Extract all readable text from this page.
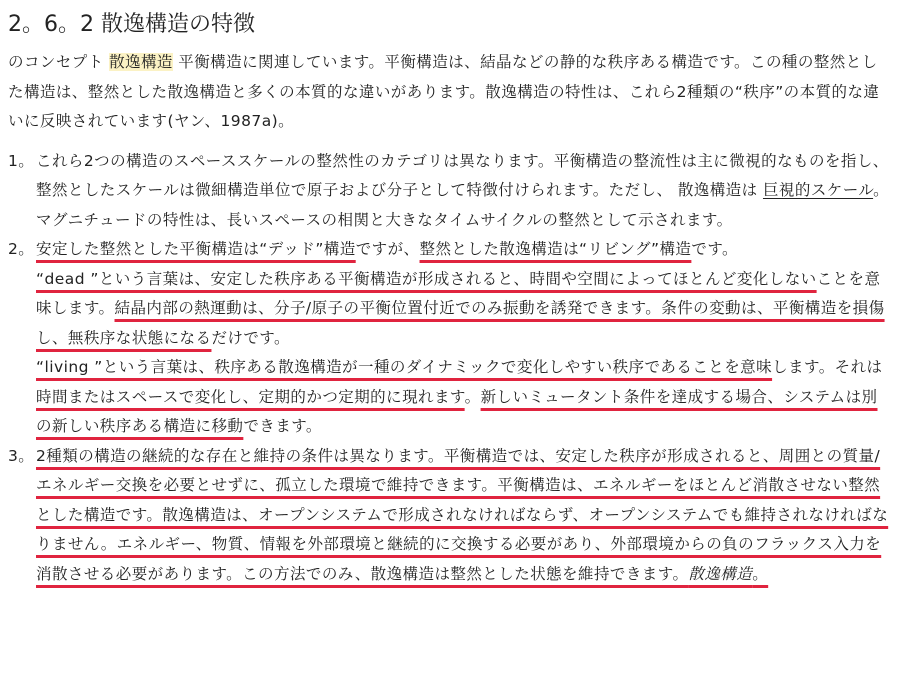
2。6。2 散逸構造の特徴

のコンセプト 散逸構造 平衡構造に関連しています。平衡構造は、結晶などの静的な秩序ある構造です。この種の整然とした構造は、整然とした散逸構造と多くの本質的な違いがあります。散逸構造の特性は、これら2種類の“秩序”の本質的な違いに反映されています(ヤン、1987a)。

1。 これら2つの構造のスペーススケールの整然性のカテゴリは異なります。平衡構造の整流性は主に微視的なものを指し、整然としたスケールは微細構造単位で原子および分子として特徴付けられます。ただし、 散逸構造は 巨視的スケール。マグニチュードの特性は、長いスペースの相関と大きなタイムサイクルの整然として示されます。
2。 安定した整然とした平衡構造は“デッド”構造ですが、整然とした散逸構造は“リビング”構造です。
“dead ”という言葉は、安定した秩序ある平衡構造が形成されると、時間や空間によってほとんど変化しないことを意味します。結晶内部の熱運動は、分子/原子の平衡位置付近でのみ振動を誘発できます。条件の変動は、平衡構造を損傷し、無秩序な状態になるだけです。
“living ”という言葉は、秩序ある散逸構造が一種のダイナミックで変化しやすい秩序であることを意味します。それは時間またはスペースで変化し、定期的かつ定期的に現れます。新しいミュータント条件を達成する場合、システムは別の新しい秩序ある構造に移動できます。
3。 2種類の構造の継続的な存在と維持の条件は異なります。平衡構造では、安定した秩序が形成されると、周囲との質量/エネルギー交換を必要とせずに、孤立した環境で維持できます。平衡構造は、エネルギーをほとんど消散させない整然とした構造です。散逸構造は、オープンシステムで形成されなければならず、オープンシステムでも維持されなければなりません。エネルギー、物質、情報を外部環境と継続的に交換する必要があり、外部環境からの負のフラックス入力を消散させる必要があります。この方法でのみ、散逸構造は整然とした状態を維持できます。散逸構造。
